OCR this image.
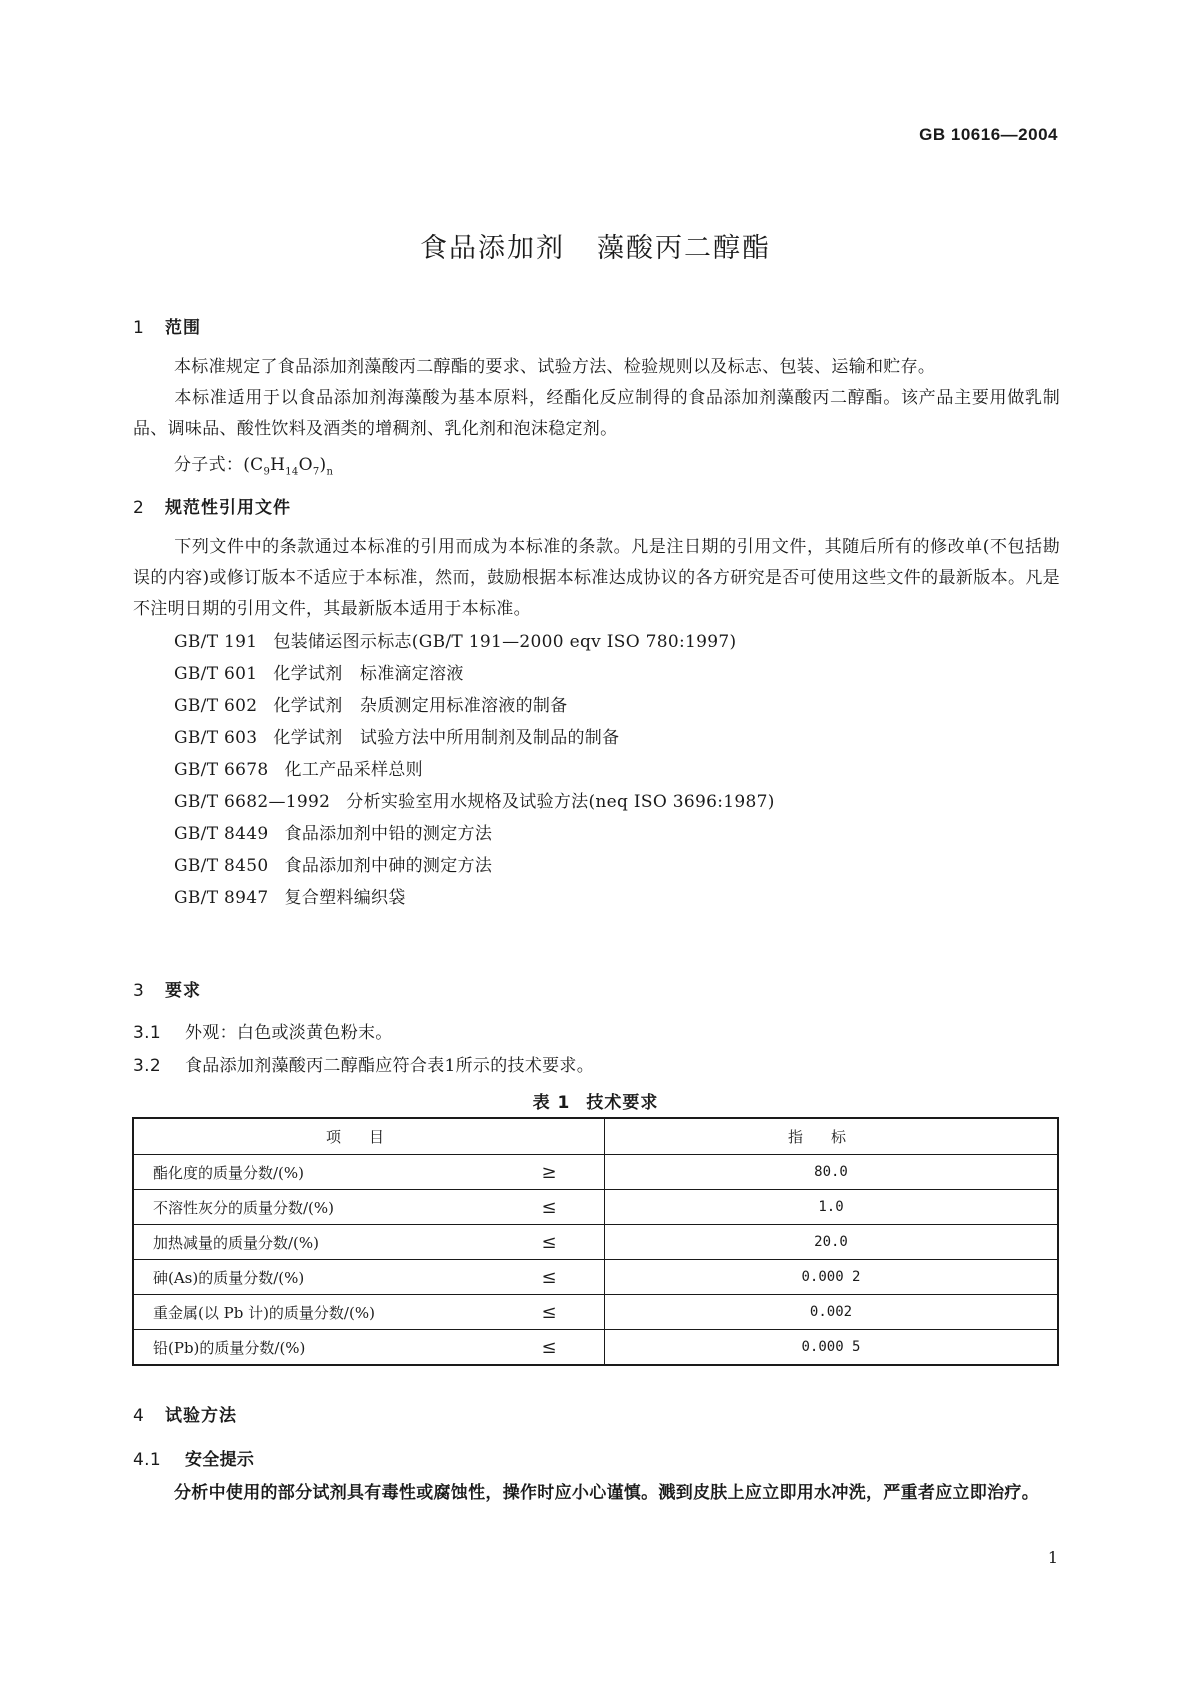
GB 10616—2004
食品添加剂 藻酸丙二醇酯
1 范围
本标准规定了食品添加剂藻酸丙二醇酯的要求、试验方法、检验规则以及标志、包装、运输和贮存。
本标准适用于以食品添加剂海藻酸为基本原料，经酯化反应制得的食品添加剂藻酸丙二醇酯。该产品主要用做乳制品、调味品、酸性饮料及酒类的增稠剂、乳化剂和泡沫稳定剂。
分子式：$(C_9H_{14}O_7)_n$
2 规范性引用文件
下列文件中的条款通过本标准的引用而成为本标准的条款。凡是注日期的引用文件，其随后所有的修改单(不包括勘误的内容)或修订版本不适应于本标准，然而，鼓励根据本标准达成协议的各方研究是否可使用这些文件的最新版本。凡是不注明日期的引用文件，其最新版本适用于本标准。
GB/T 191 包装储运图示标志(GB/T 191—2000 eqv ISO 780:1997)
GB/T 601 化学试剂　标准滴定溶液
GB/T 602 化学试剂　杂质测定用标准溶液的制备
GB/T 603 化学试剂　试验方法中所用制剂及制品的制备
GB/T 6678 化工产品采样总则
GB/T 6682—1992 分析实验室用水规格及试验方法(neq ISO 3696:1987)
GB/T 8449 食品添加剂中铅的测定方法
GB/T 8450 食品添加剂中砷的测定方法
GB/T 8947 复合塑料编织袋
3 要求
3.1 外观：白色或淡黄色粉末。
3.2 食品添加剂藻酸丙二醇酯应符合表1所示的技术要求。
表 1 技术要求
项目		指标
酯化度的质量分数/(%)	≥	80.0
不溶性灰分的质量分数/(%)	≤	1.0
加热减量的质量分数/(%)	≤	20.0
砷(As)的质量分数/(%)	≤	0.000 2
重金属(以 Pb 计)的质量分数/(%)	≤	0.002
铅(Pb)的质量分数/(%)	≤	0.000 5
4 试验方法
4.1 安全提示
分析中使用的部分试剂具有毒性或腐蚀性，操作时应小心谨慎。溅到皮肤上应立即用水冲洗，严重者应立即治疗。
1
